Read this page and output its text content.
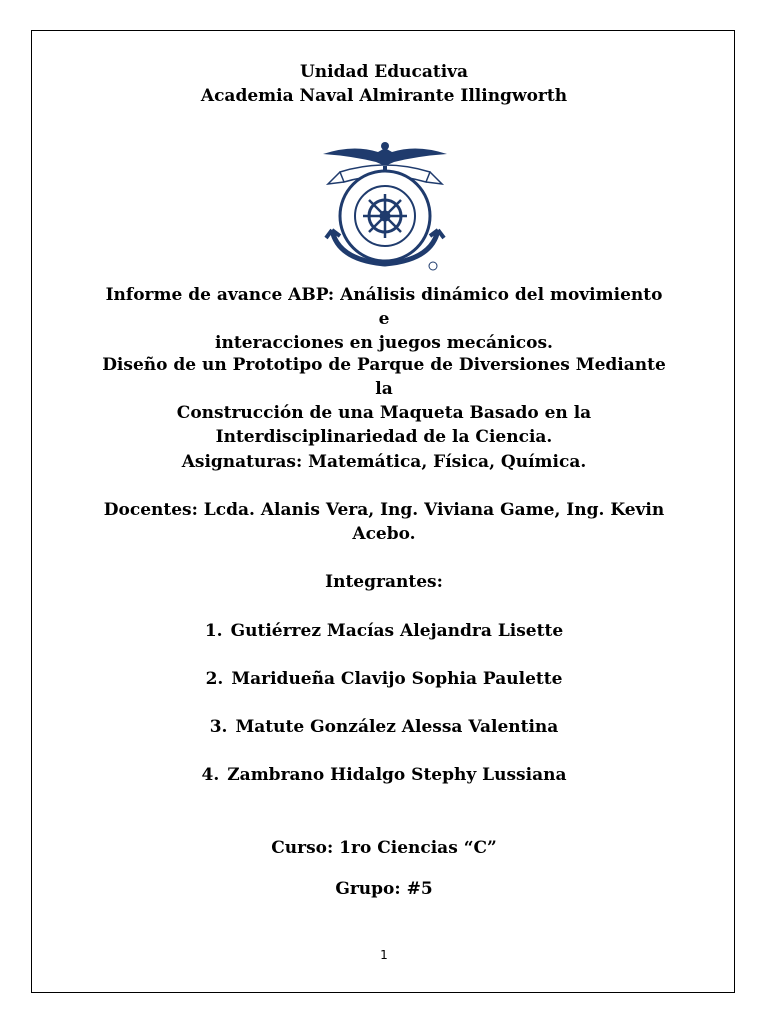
Unidad Educativa
Academia Naval Almirante Illingworth
Informe de avance ABP: Análisis dinámico del movimiento e
interacciones en juegos mecánicos.
Diseño de un Prototipo de Parque de Diversiones Mediante la
Construcción de una Maqueta Basado en la
Interdisciplinariedad de la Ciencia.
Asignaturas: Matemática, Física, Química.
Docentes: Lcda. Alanis Vera, Ing. Viviana Game, Ing. Kevin
Acebo.
Integrantes:
1. Gutiérrez Macías Alejandra Lisette
2. Maridueña Clavijo Sophia Paulette
3. Matute González Alessa Valentina
4. Zambrano Hidalgo Stephy Lussiana
Curso: 1ro Ciencias “C”
Grupo: #5
1
